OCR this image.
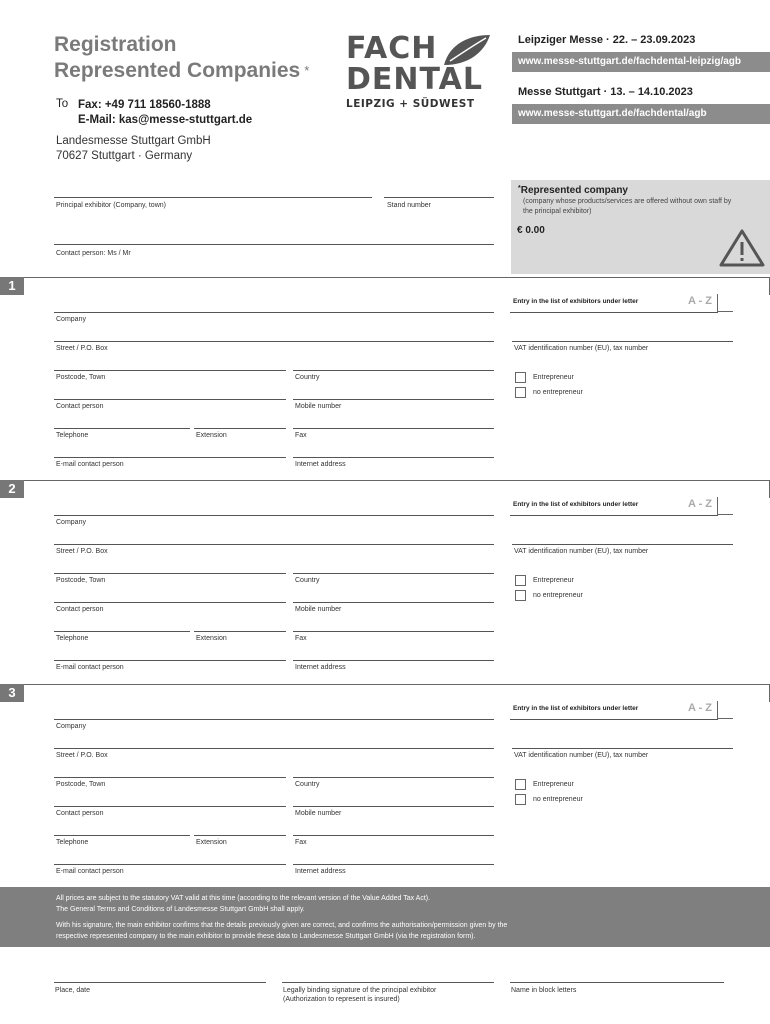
Registration
Represented Companies *
To Fax: +49 711 18560-1888
E-Mail: kas@messe-stuttgart.de
Landesmesse Stuttgart GmbH
70627 Stuttgart · Germany
FACH
DENTAL
LEIPZIG + SÜDWEST
Leipziger Messe · 22. – 23.09.2023
www.messe-stuttgart.de/fachdental-leipzig/agb
Messe Stuttgart · 13. – 14.10.2023
www.messe-stuttgart.de/fachdental/agb
Principal exhibitor (Company, town)	Stand number
Contact person: Ms / Mr
*Represented company
(company whose products/services are offered without own staff by the principal exhibitor)
€ 0.00
1
Entry in the list of exhibitors under letter	A - Z
Company
Street / P.O. Box	VAT identification number (EU), tax number
Postcode, Town	Country	Entrepreneur
no entrepreneur
Contact person	Mobile number
Telephone	Extension	Fax
E-mail contact person	Internet address
2
Entry in the list of exhibitors under letter	A - Z
Company
Street / P.O. Box	VAT identification number (EU), tax number
Postcode, Town	Country	Entrepreneur
no entrepreneur
Contact person	Mobile number
Telephone	Extension	Fax
E-mail contact person	Internet address
3
Entry in the list of exhibitors under letter	A - Z
Company
Street / P.O. Box	VAT identification number (EU), tax number
Postcode, Town	Country	Entrepreneur
no entrepreneur
Contact person	Mobile number
Telephone	Extension	Fax
E-mail contact person	Internet address
All prices are subject to the statutory VAT valid at this time (according to the relevant version of the Value Added Tax Act).
The General Terms and Conditions of Landesmesse Stuttgart GmbH shall apply.
With his signature, the main exhibitor confirms that the details previously given are correct, and confirms the authorisation/permission given by the
respective represented company to the main exhibitor to provide these data to Landesmesse Stuttgart GmbH (via the registration form).
Place, date	Legally binding signature of the principal exhibitor
(Authorization to represent is insured)
Name in block letters
